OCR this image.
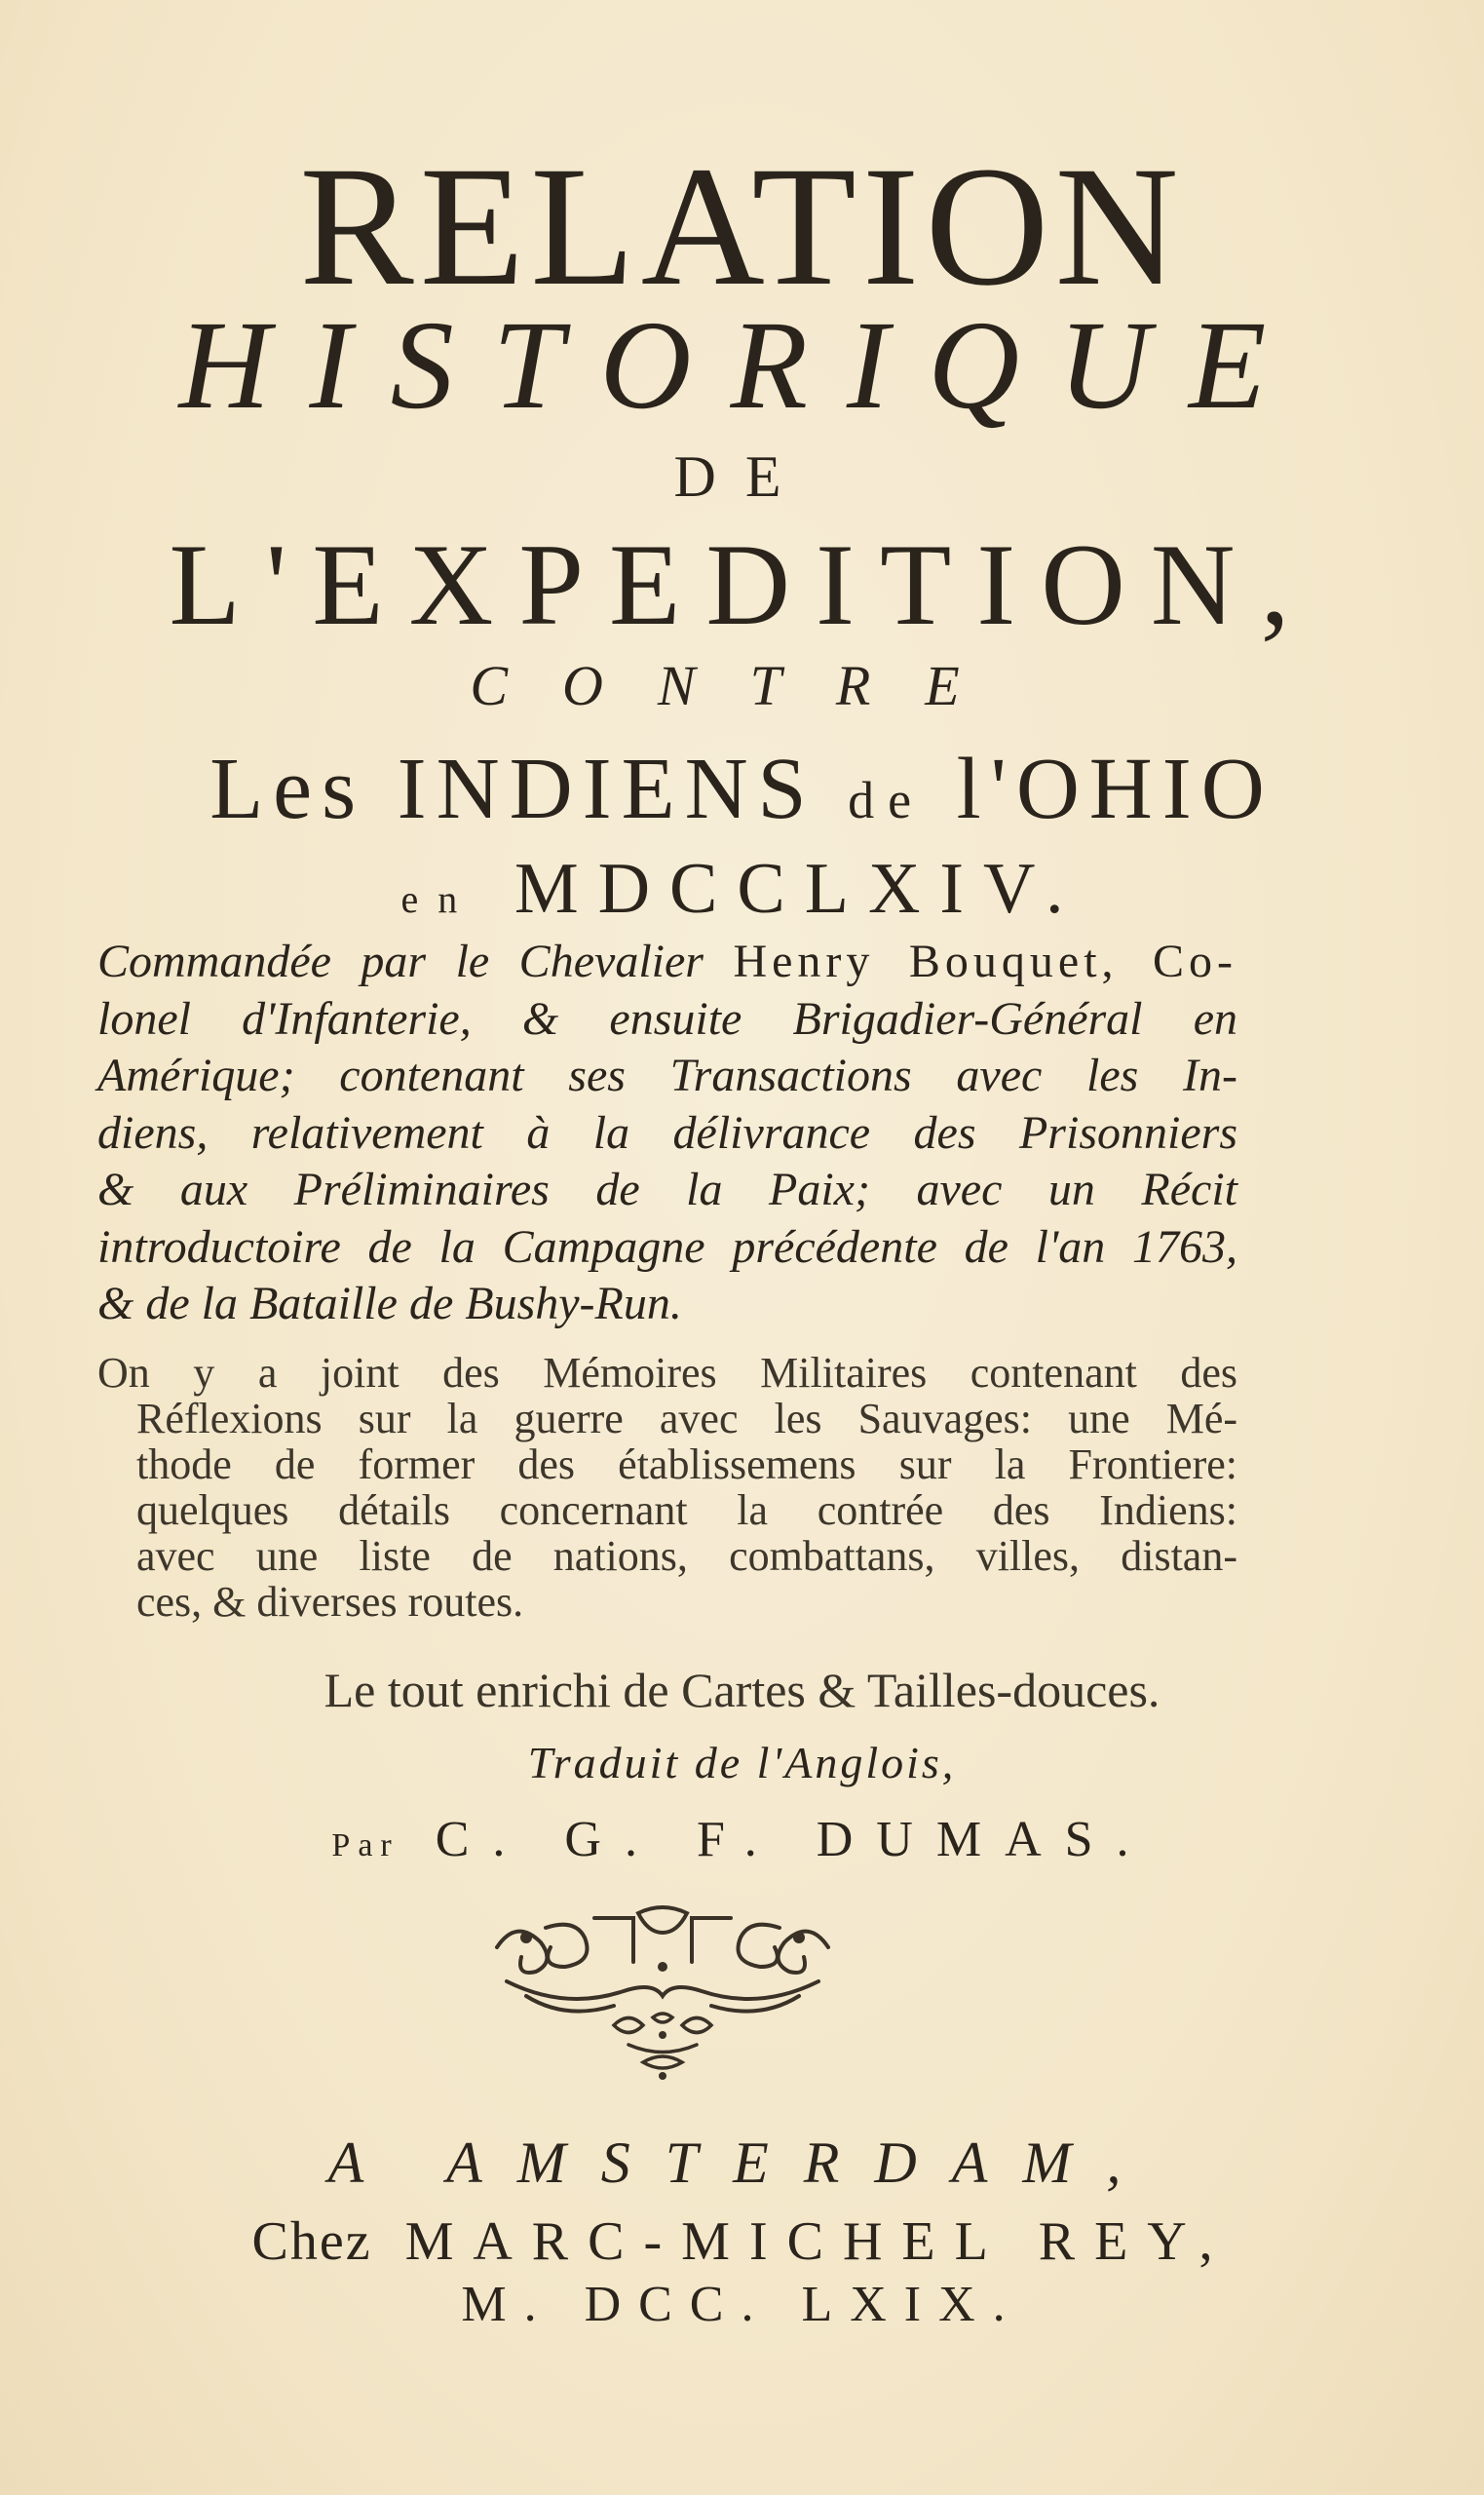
RELATION
HISTORIQUE
DE
L'EXPEDITION,
CONTRE
Les INDIENS de l'OHIO
en MDCCLXIV.
Commandée par le Chevalier Henry Bouquet, Co-
lonel d'Infanterie, & ensuite Brigadier-Général en
Amérique; contenant ses Transactions avec les In-
diens, relativement à la délivrance des Prisonniers
& aux Préliminaires de la Paix; avec un Récit
introductoire de la Campagne précédente de l'an 1763,
& de la Bataille de Bushy-Run.
On y a joint des Mémoires Militaires contenant des
Réflexions sur la guerre avec les Sauvages: une Mé-
thode de former des établissemens sur la Frontiere:
quelques détails concernant la contrée des Indiens:
avec une liste de nations, combattans, villes, distan-
ces, & diverses routes.
Le tout enrichi de Cartes & Tailles-douces.
Traduit de l'Anglois,
Par C. G. F. DUMAS.
A AMSTERDAM,
Chez MARC-MICHEL REY,
M. DCC. LXIX.
